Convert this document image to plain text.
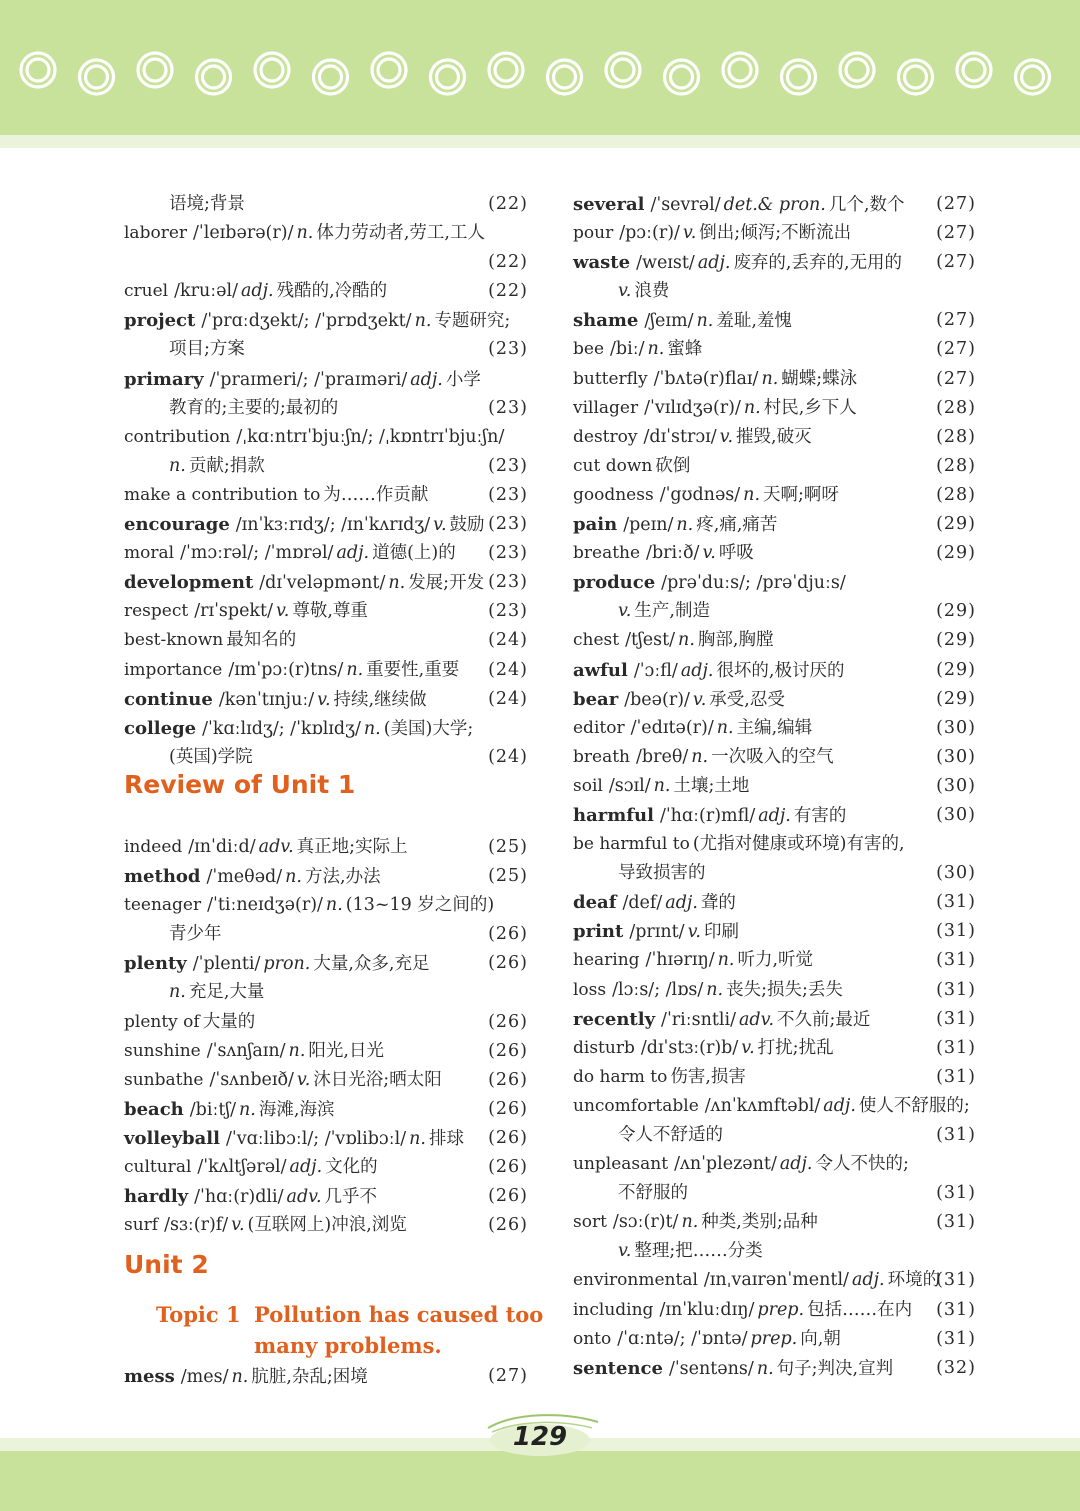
语境;背景	(22)
laborer /ˈleɪbərə(r)/ n. 体力劳动者,劳工,工人
(22)
cruel /kruːəl/ adj. 残酷的,冷酷的	(22)
project /ˈprɑːdʒekt/; /ˈprɒdʒekt/ n. 专题研究;
项目;方案	(23)
primary /ˈpraɪmeri/; /ˈpraɪməri/ adj. 小学
教育的;主要的;最初的	(23)
contribution /ˌkɑːntrɪˈbjuːʃn/; /ˌkɒntrɪˈbjuːʃn/
n. 贡献;捐款	(23)
make a contribution to 为……作贡献	(23)
encourage /ɪnˈkɜːrɪdʒ/; /ɪnˈkʌrɪdʒ/ v. 鼓励 (23)
moral /ˈmɔːrəl/; /ˈmɒrəl/ adj. 道德(上)的 (23)
development /dɪˈveləpmənt/ n. 发展;开发 (23)
respect /rɪˈspekt/ v. 尊敬,尊重	(23)
best-known 最知名的	(24)
importance /ɪmˈpɔː(r)tns/ n. 重要性,重要 (24)
continue /kənˈtɪnjuː/ v. 持续,继续做	(24)
college /ˈkɑːlɪdʒ/; /ˈkɒlɪdʒ/ n. (美国)大学;
(英国)学院	(24)
Review of Unit 1
indeed /ɪnˈdiːd/ adv. 真正地;实际上	(25)
method /ˈmeθəd/ n. 方法,办法	(25)
teenager /ˈtiːneɪdʒə(r)/ n. (13~19 岁之间的)
青少年	(26)
plenty /ˈplenti/ pron. 大量,众多,充足	(26)
n. 充足,大量
plenty of 大量的	(26)
sunshine /ˈsʌnʃaɪn/ n. 阳光,日光	(26)
sunbathe /ˈsʌnbeɪð/ v. 沐日光浴;晒太阳	(26)
beach /biːtʃ/ n. 海滩,海滨	(26)
volleyball /ˈvɑːlibɔːl/; /ˈvɒlibɔːl/ n. 排球 (26)
cultural /ˈkʌltʃərəl/ adj. 文化的	(26)
hardly /ˈhɑː(r)dli/ adv. 几乎不	(26)
surf /sɜː(r)f/ v. (互联网上)冲浪,浏览	(26)
Unit 2
Topic 1 Pollution has caused too
many problems.
mess /mes/ n. 肮脏,杂乱;困境	(27)
several /ˈsevrəl/ det.& pron. 几个,数个 (27)
pour /pɔː(r)/ v. 倒出;倾泻;不断流出	(27)
waste /weɪst/ adj. 废弃的,丢弃的,无用的 (27)
v. 浪费
shame /ʃeɪm/ n. 羞耻,羞愧	(27)
bee /biː/ n. 蜜蜂	(27)
butterfly /ˈbʌtə(r)flaɪ/ n. 蝴蝶;蝶泳	(27)
villager /ˈvɪlɪdʒə(r)/ n. 村民,乡下人	(28)
destroy /dɪˈstrɔɪ/ v. 摧毁,破灭	(28)
cut down 砍倒	(28)
goodness /ˈgʊdnəs/ n. 天啊;啊呀	(28)
pain /peɪn/ n. 疼,痛,痛苦	(29)
breathe /briːð/ v. 呼吸	(29)
produce /prəˈduːs/; /prəˈdjuːs/
v. 生产,制造	(29)
chest /tʃest/ n. 胸部,胸膛	(29)
awful /ˈɔːfl/ adj. 很坏的,极讨厌的	(29)
bear /beə(r)/ v. 承受,忍受	(29)
editor /ˈedɪtə(r)/ n. 主编,编辑	(30)
breath /breθ/ n. 一次吸入的空气	(30)
soil /sɔɪl/ n. 土壤;土地	(30)
harmful /ˈhɑː(r)mfl/ adj. 有害的	(30)
be harmful to (尤指对健康或环境)有害的,
导致损害的	(30)
deaf /def/ adj. 聋的	(31)
print /prɪnt/ v. 印刷	(31)
hearing /ˈhɪərɪŋ/ n. 听力,听觉	(31)
loss /lɔːs/; /lɒs/ n. 丧失;损失;丢失	(31)
recently /ˈriːsntli/ adv. 不久前;最近	(31)
disturb /dɪˈstɜː(r)b/ v. 打扰;扰乱	(31)
do harm to 伤害,损害	(31)
uncomfortable /ʌnˈkʌmftəbl/ adj. 使人不舒服的;
令人不舒适的	(31)
unpleasant /ʌnˈplezənt/ adj. 令人不快的;
不舒服的	(31)
sort /sɔː(r)t/ n. 种类,类别;品种	(31)
v. 整理;把……分类
environmental /ɪnˌvaɪrənˈmentl/ adj. 环境的
(31)
including /ɪnˈkluːdɪŋ/ prep. 包括……在内 (31)
onto /ˈɑːntə/; /ˈɒntə/ prep. 向,朝	(31)
sentence /ˈsentəns/ n. 句子;判决,宣判 (32)
129
